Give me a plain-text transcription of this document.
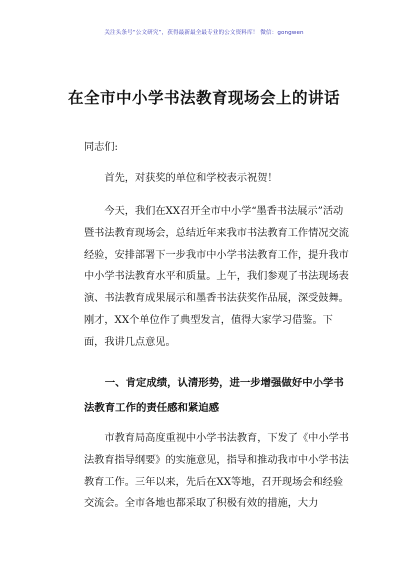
关注头条号“公文研究”，获得最新最全最专业的公文资料库！ 微信：gongwen
在全市中小学书法教育现场会上的讲话

同志们:

首先，对获奖的单位和学校表示祝贺！

今天，我们在XX召开全市中小学“墨香书法展示”活动暨书法教育现场会，总结近年来我市书法教育工作情况交流经验，安排部署下一步我市中小学书法教育工作，提升我市中小学书法教育水平和质量。上午，我们参观了书法现场表演、书法教育成果展示和墨香书法获奖作品展，深受鼓舞。刚才，XX个单位作了典型发言，值得大家学习借鉴。下面，我讲几点意见。

一、肯定成绩，认清形势，进一步增强做好中小学书法教育工作的责任感和紧迫感

市教育局高度重视中小学书法教育，下发了《中小学书法教育指导纲要》的实施意见，指导和推动我市中小学书法教育工作。三年以来，先后在XX等地，召开现场会和经验交流会。全市各地也都采取了积极有效的措施，大力
